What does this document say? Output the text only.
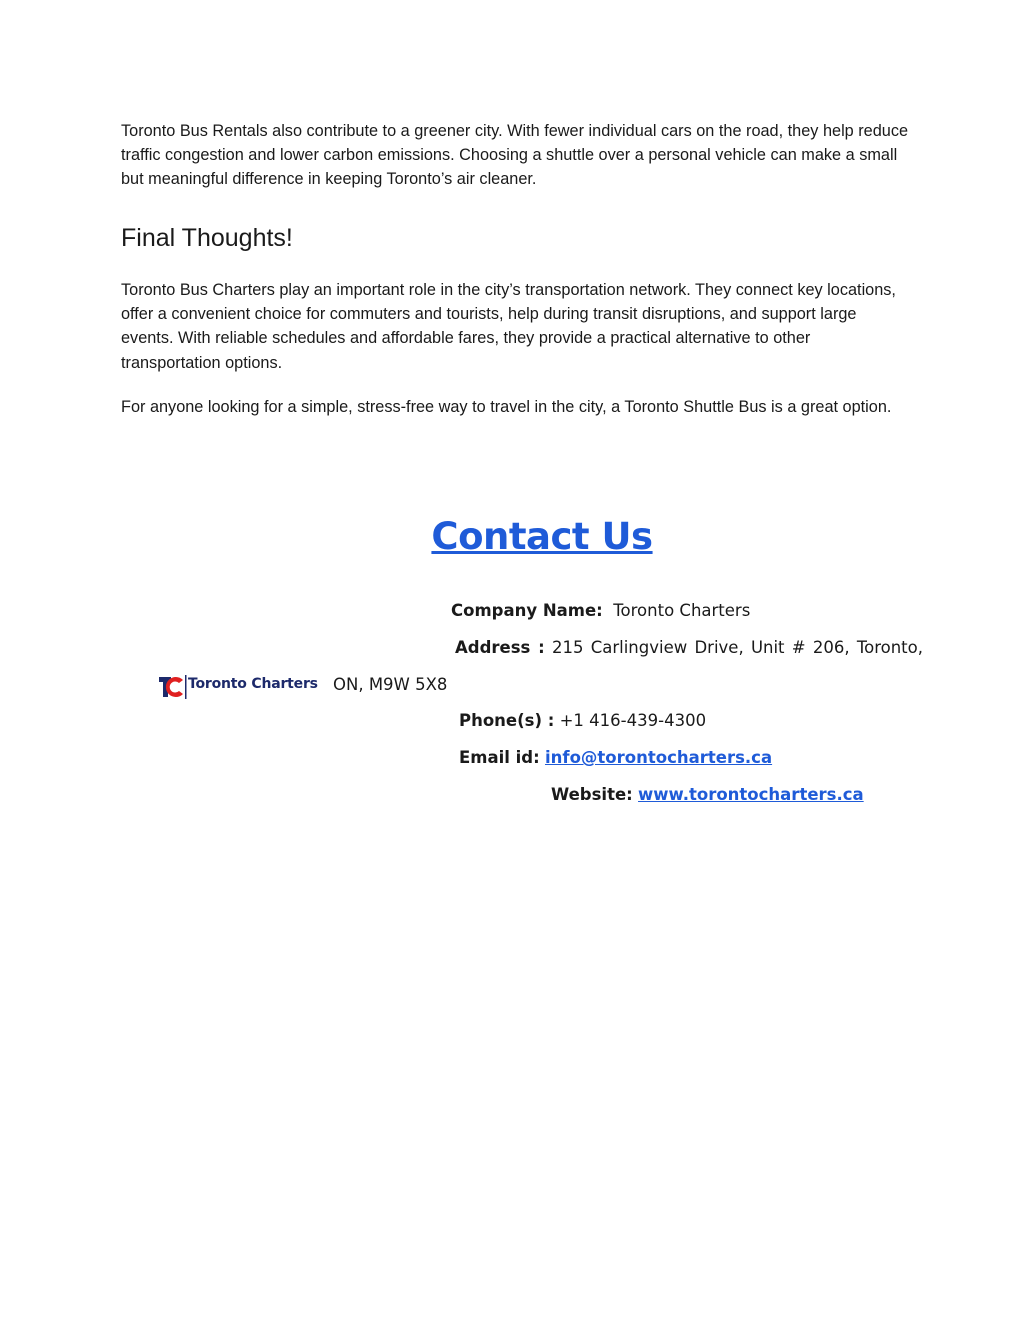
Toronto Bus Rentals also contribute to a greener city. With fewer individual cars on the road, they help reduce traffic congestion and lower carbon emissions. Choosing a shuttle over a personal vehicle can make a small but meaningful difference in keeping Toronto’s air cleaner.

Final Thoughts!

Toronto Bus Charters play an important role in the city’s transportation network. They connect key locations, offer a convenient choice for commuters and tourists, help during transit disruptions, and support large events. With reliable schedules and affordable fares, they provide a practical alternative to other transportation options.

For anyone looking for a simple, stress-free way to travel in the city, a Toronto Shuttle Bus is a great option.

Contact Us
Company Name: Toronto Charters
Address : 215 Carlingview Drive, Unit # 206, Toronto,
Toronto Charters ON, M9W 5X8
Phone(s) : +1 416-439-4300
Email id: info@torontocharters.ca
Website: www.torontocharters.ca
